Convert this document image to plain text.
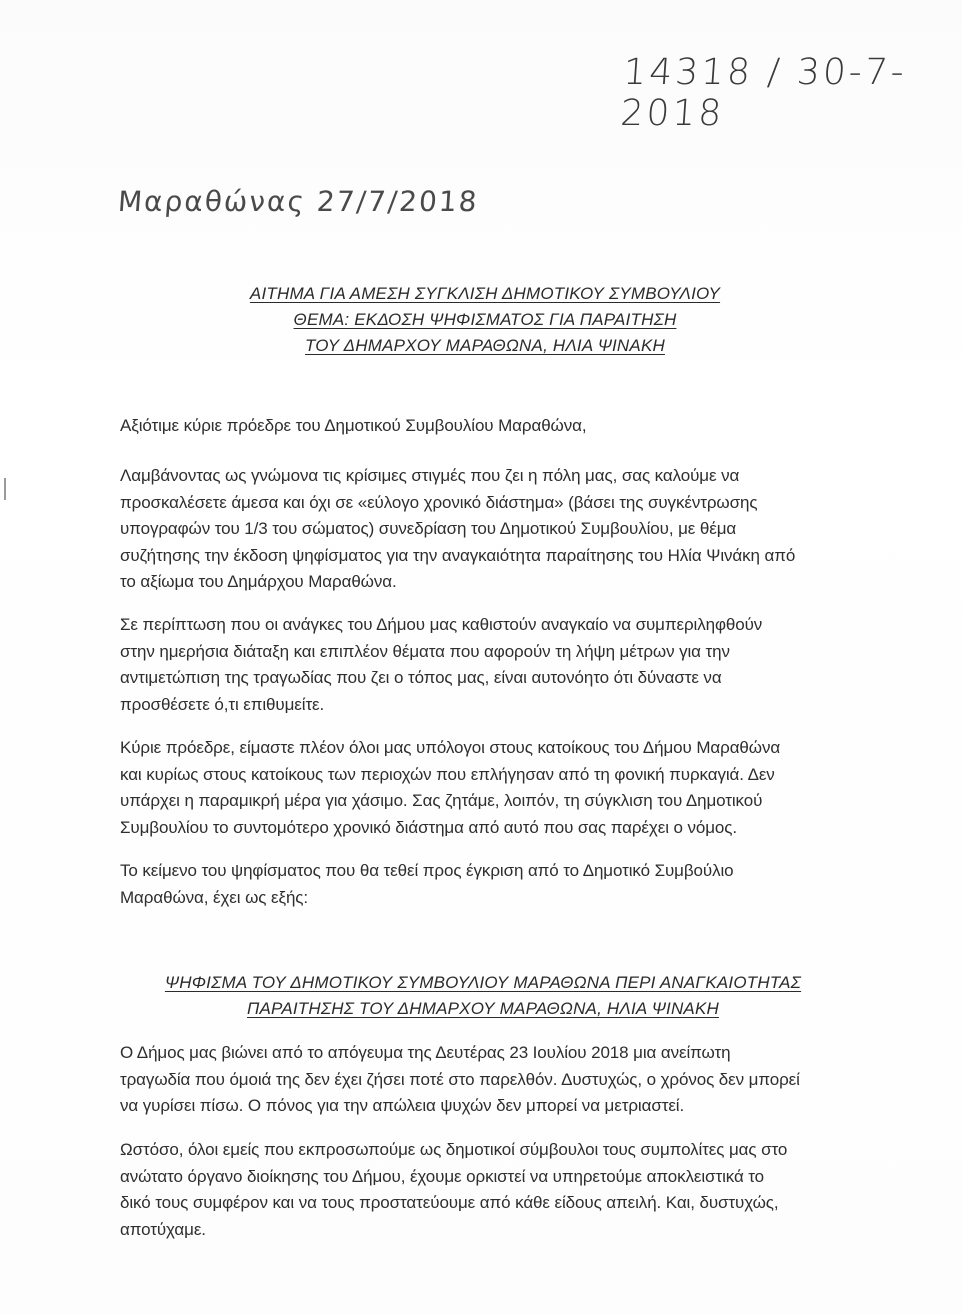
14318 / 30-7-2018
Μαραθώνας 27/7/2018
ΑΙΤΗΜΑ ΓΙΑ ΑΜΕΣΗ ΣΥΓΚΛΙΣΗ ΔΗΜΟΤΙΚΟΥ ΣΥΜΒΟΥΛΙΟΥ
ΘΕΜΑ: ΕΚΔΟΣΗ ΨΗΦΙΣΜΑΤΟΣ ΓΙΑ ΠΑΡΑΙΤΗΣΗ
ΤΟΥ ΔΗΜΑΡΧΟΥ ΜΑΡΑΘΩΝΑ, ΗΛΙΑ ΨΙΝΑΚΗ

Αξιότιμε κύριε πρόεδρε του Δημοτικού Συμβουλίου Μαραθώνα,

Λαμβάνοντας ως γνώμονα τις κρίσιμες στιγμές που ζει η πόλη μας, σας καλούμε να

προσκαλέσετε άμεσα και όχι σε «εύλογο χρονικό διάστημα» (βάσει της συγκέντρωσης

υπογραφών του 1/3 του σώματος) συνεδρίαση του Δημοτικού Συμβουλίου, με θέμα

συζήτησης την έκδοση ψηφίσματος για την αναγκαιότητα παραίτησης του Ηλία Ψινάκη από

το αξίωμα του Δημάρχου Μαραθώνα.

Σε περίπτωση που οι ανάγκες του Δήμου μας καθιστούν αναγκαίο να συμπεριληφθούν

στην ημερήσια διάταξη και επιπλέον θέματα που αφορούν τη λήψη μέτρων για την

αντιμετώπιση της τραγωδίας που ζει ο τόπος μας, είναι αυτονόητο ότι δύναστε να

προσθέσετε ό,τι επιθυμείτε.

Κύριε πρόεδρε, είμαστε πλέον όλοι μας υπόλογοι στους κατοίκους του Δήμου Μαραθώνα

και κυρίως στους κατοίκους των περιοχών που επλήγησαν από τη φονική πυρκαγιά. Δεν

υπάρχει η παραμικρή μέρα για χάσιμο. Σας ζητάμε, λοιπόν, τη σύγκλιση του Δημοτικού

Συμβουλίου το συντομότερο χρονικό διάστημα από αυτό που σας παρέχει ο νόμος.

Το κείμενο του ψηφίσματος που θα τεθεί προς έγκριση από το Δημοτικό Συμβούλιο

Μαραθώνα, έχει ως εξής:

ΨΗΦΙΣΜΑ ΤΟΥ ΔΗΜΟΤΙΚΟΥ ΣΥΜΒΟΥΛΙΟΥ ΜΑΡΑΘΩΝΑ ΠΕΡΙ ΑΝΑΓΚΑΙΟΤΗΤΑΣ
ΠΑΡΑΙΤΗΣΗΣ ΤΟΥ ΔΗΜΑΡΧΟΥ ΜΑΡΑΘΩΝΑ, ΗΛΙΑ ΨΙΝΑΚΗ

Ο Δήμος μας βιώνει από το απόγευμα της Δευτέρας 23 Ιουλίου 2018 μια ανείπωτη

τραγωδία που όμοιά της δεν έχει ζήσει ποτέ στο παρελθόν. Δυστυχώς, ο χρόνος δεν μπορεί

να γυρίσει πίσω. Ο πόνος για την απώλεια ψυχών δεν μπορεί να μετριαστεί.

Ωστόσο, όλοι εμείς που εκπροσωπούμε ως δημοτικοί σύμβουλοι τους συμπολίτες μας στο

ανώτατο όργανο διοίκησης του Δήμου, έχουμε ορκιστεί να υπηρετούμε αποκλειστικά το

δικό τους συμφέρον και να τους προστατεύουμε από κάθε είδους απειλή. Και, δυστυχώς,

αποτύχαμε.
